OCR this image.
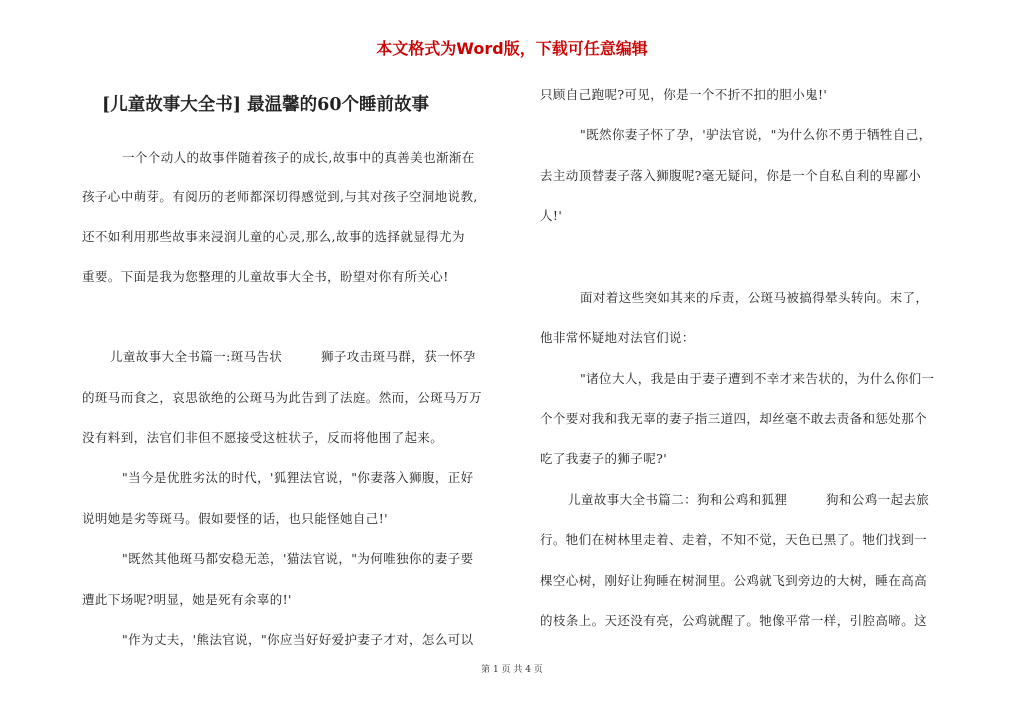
本文格式为Word版，下载可任意编辑
[儿童故事大全书] 最温馨的60个睡前故事
一个个动人的故事伴随着孩子的成长,故事中的真善美也渐渐在
孩子心中萌芽。有阅历的老师都深切得感觉到,与其对孩子空洞地说教,
还不如利用那些故事来浸润儿童的心灵,那么,故事的选择就显得尤为
重要。下面是我为您整理的儿童故事大全书，盼望对你有所关心!
儿童故事大全书篇一:斑马告状　　　狮子攻击斑马群，获一怀孕
的斑马而食之，哀思欲绝的公斑马为此告到了法庭。然而，公斑马万万
没有料到，法官们非但不愿接受这桩状子，反而将他围了起来。
"当今是优胜劣汰的时代，'狐狸法官说，"你妻落入狮腹，正好
说明她是劣等斑马。假如要怪的话，也只能怪她自己!'
"既然其他斑马都安稳无恙，'猫法官说，"为何唯独你的妻子要
遭此下场呢?明显，她是死有余辜的!'
"作为丈夫，'熊法官说，"你应当好好爱护妻子才对，怎么可以
只顾自己跑呢?可见，你是一个不折不扣的胆小鬼!'
"既然你妻子怀了孕，'驴法官说，"为什么你不勇于牺牲自己，
去主动顶替妻子落入狮腹呢?毫无疑问，你是一个自私自利的卑鄙小
人!'
面对着这些突如其来的斥责，公斑马被搞得晕头转向。末了，
他非常怀疑地对法官们说：
"诸位大人，我是由于妻子遭到不幸才来告状的，为什么你们一
个个要对我和我无辜的妻子指三道四，却丝毫不敢去责备和惩处那个
吃了我妻子的狮子呢?'
儿童故事大全书篇二：狗和公鸡和狐狸　　　狗和公鸡一起去旅
行。牠们在树林里走着、走着，不知不觉，天色已黑了。牠们找到一
棵空心树，刚好让狗睡在树洞里。公鸡就飞到旁边的大树，睡在高高
的枝条上。天还没有亮，公鸡就醒了。牠像平常一样，引腔高啼。这
第 1 页 共 4 页
